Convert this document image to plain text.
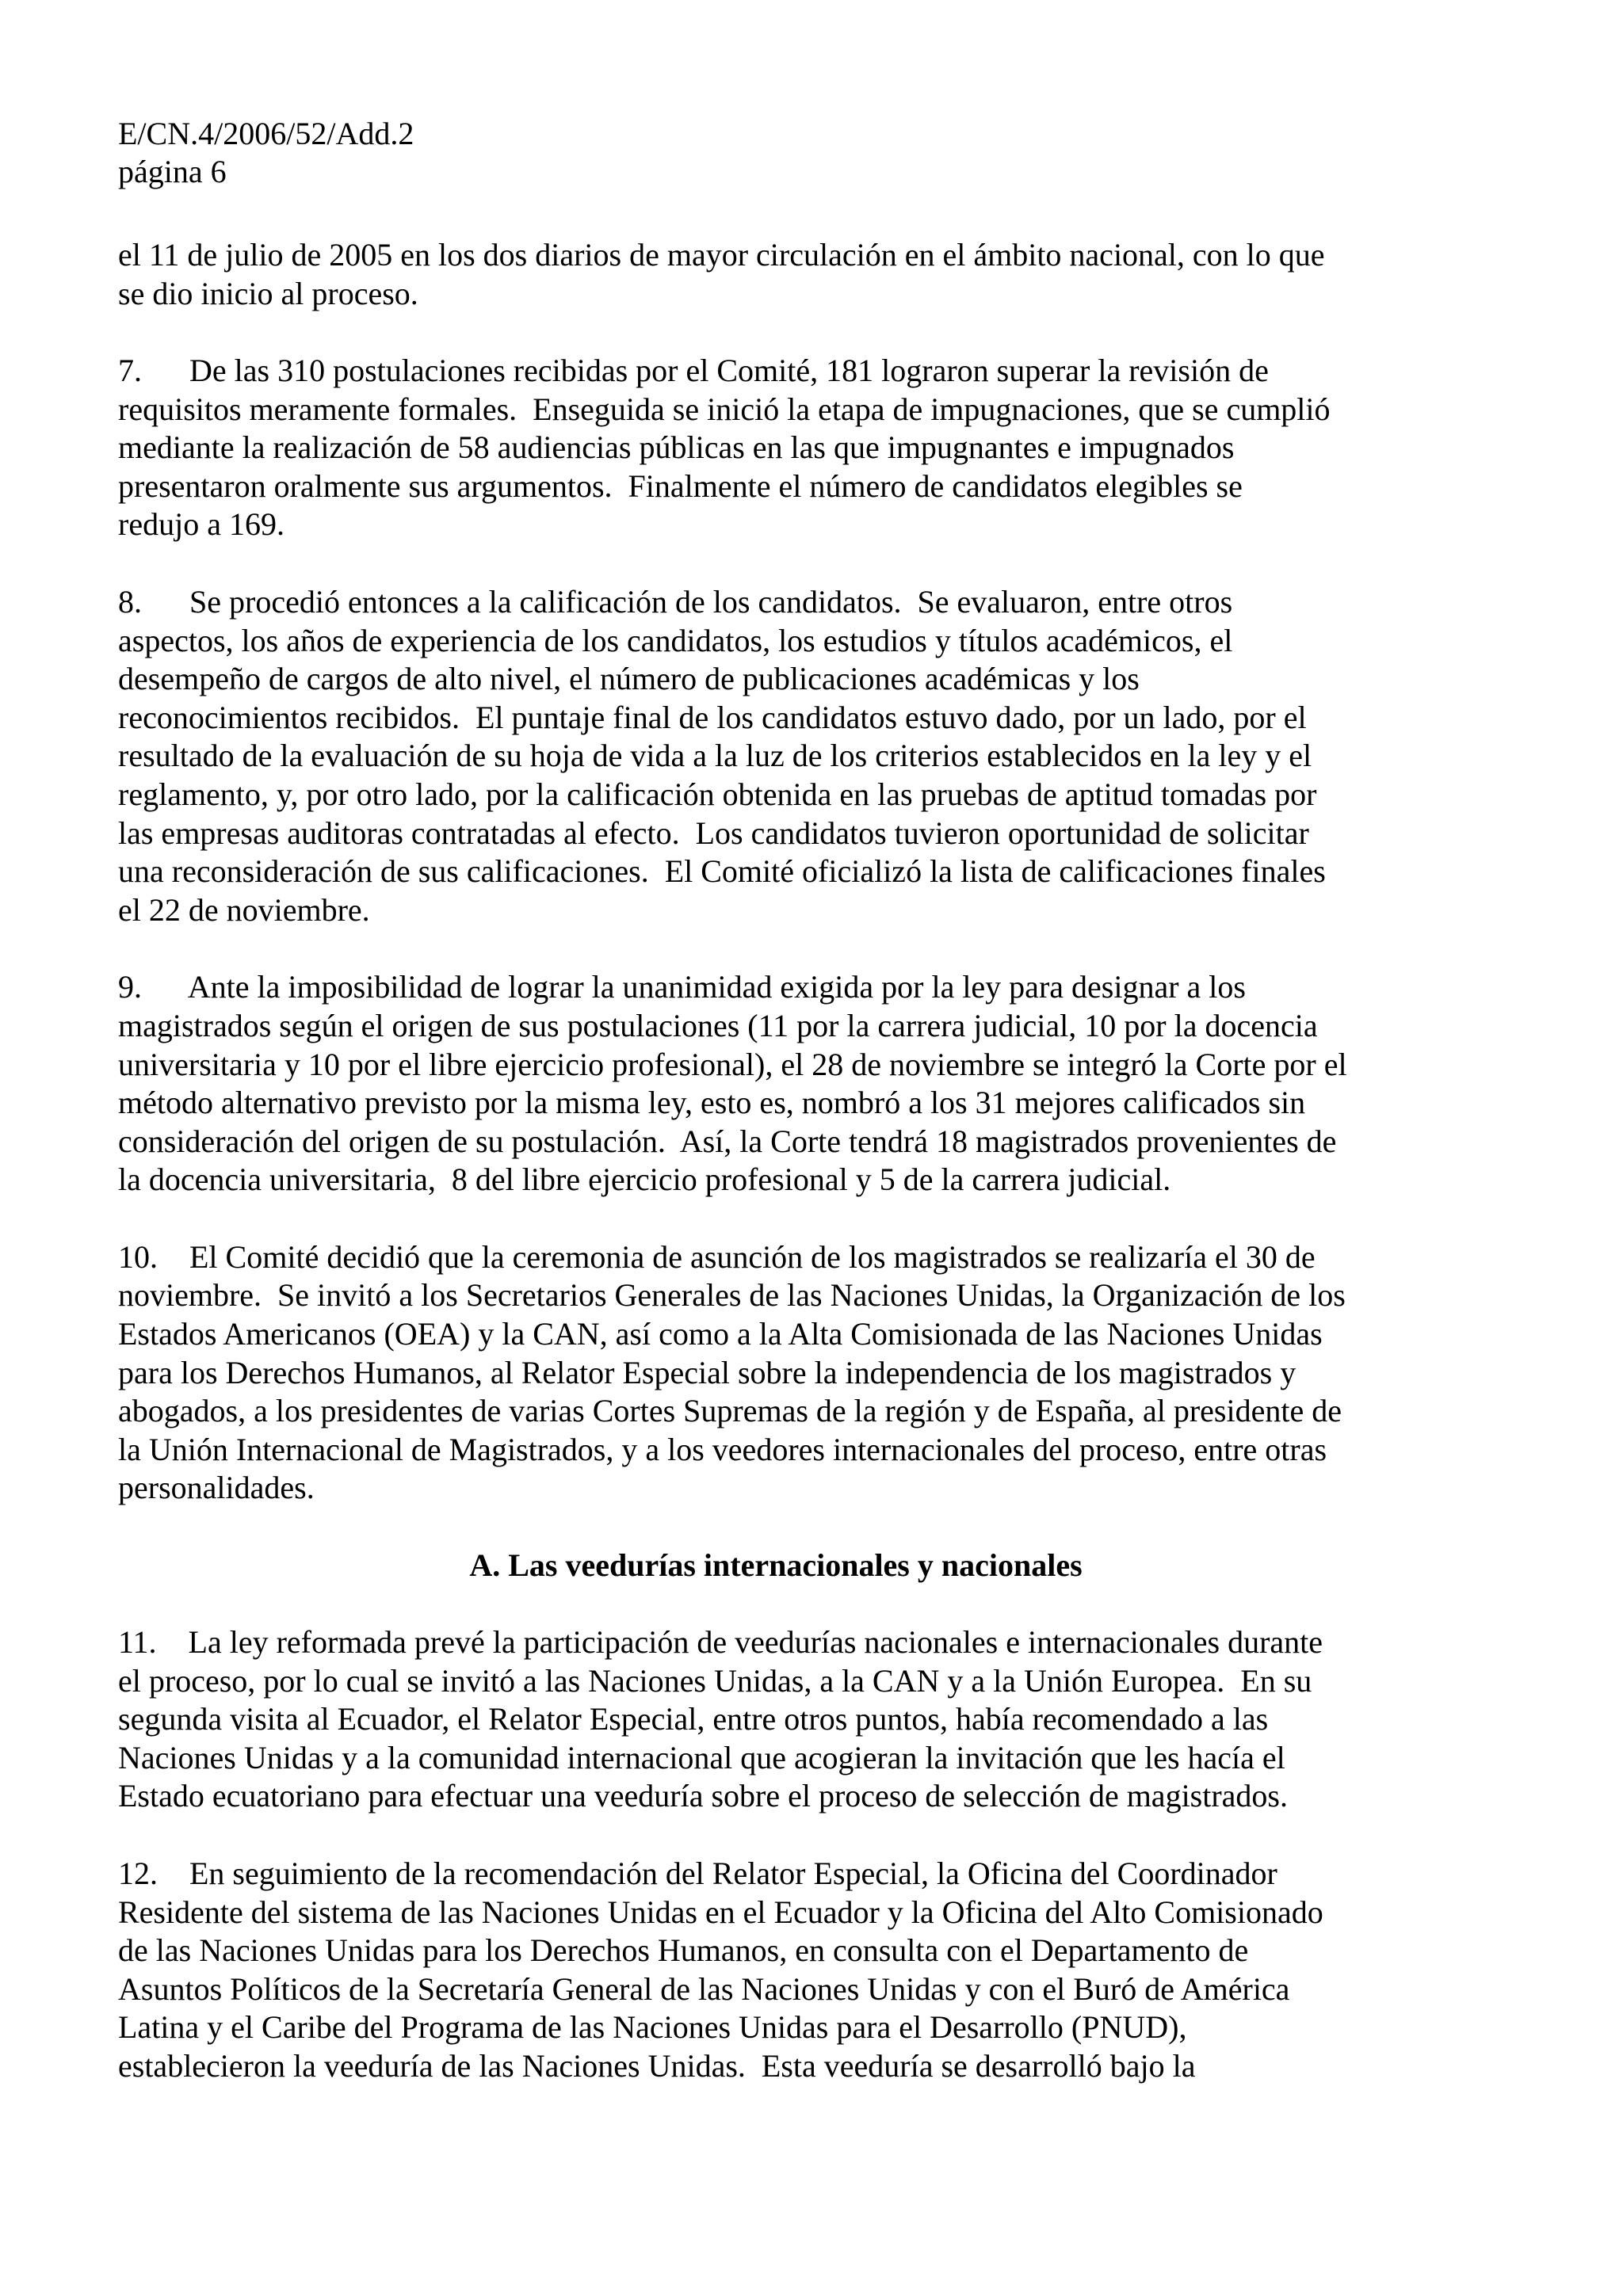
E/CN.4/2006/52/Add.2

página 6

el 11 de julio de 2005 en los dos diarios de mayor circulación en el ámbito nacional, con lo que
se dio inicio al proceso.
7. De las 310 postulaciones recibidas por el Comité, 181 lograron superar la revisión de
requisitos meramente formales.  Enseguida se inició la etapa de impugnaciones, que se cumplió
mediante la realización de 58 audiencias públicas en las que impugnantes e impugnados
presentaron oralmente sus argumentos.  Finalmente el número de candidatos elegibles se
redujo a 169.
8. Se procedió entonces a la calificación de los candidatos.  Se evaluaron, entre otros
aspectos, los años de experiencia de los candidatos, los estudios y títulos académicos, el
desempeño de cargos de alto nivel, el número de publicaciones académicas y los
reconocimientos recibidos.  El puntaje final de los candidatos estuvo dado, por un lado, por el
resultado de la evaluación de su hoja de vida a la luz de los criterios establecidos en la ley y el
reglamento, y, por otro lado, por la calificación obtenida en las pruebas de aptitud tomadas por
las empresas auditoras contratadas al efecto.  Los candidatos tuvieron oportunidad de solicitar
una reconsideración de sus calificaciones.  El Comité oficializó la lista de calificaciones finales
el 22 de noviembre.
9. Ante la imposibilidad de lograr la unanimidad exigida por la ley para designar a los
magistrados según el origen de sus postulaciones (11 por la carrera judicial, 10 por la docencia
universitaria y 10 por el libre ejercicio profesional), el 28 de noviembre se integró la Corte por el
método alternativo previsto por la misma ley, esto es, nombró a los 31 mejores calificados sin
consideración del origen de su postulación.  Así, la Corte tendrá 18 magistrados provenientes de
la docencia universitaria,  8 del libre ejercicio profesional y 5 de la carrera judicial.
10. El Comité decidió que la ceremonia de asunción de los magistrados se realizaría el 30 de
noviembre.  Se invitó a los Secretarios Generales de las Naciones Unidas, la Organización de los
Estados Americanos (OEA) y la CAN, así como a la Alta Comisionada de las Naciones Unidas
para los Derechos Humanos, al Relator Especial sobre la independencia de los magistrados y
abogados, a los presidentes de varias Cortes Supremas de la región y de España, al presidente de
la Unión Internacional de Magistrados, y a los veedores internacionales del proceso, entre otras
personalidades.

A. Las veedurías internacionales y nacionales

11. La ley reformada prevé la participación de veedurías nacionales e internacionales durante
el proceso, por lo cual se invitó a las Naciones Unidas, a la CAN y a la Unión Europea.  En su
segunda visita al Ecuador, el Relator Especial, entre otros puntos, había recomendado a las
Naciones Unidas y a la comunidad internacional que acogieran la invitación que les hacía el
Estado ecuatoriano para efectuar una veeduría sobre el proceso de selección de magistrados.
12. En seguimiento de la recomendación del Relator Especial, la Oficina del Coordinador
Residente del sistema de las Naciones Unidas en el Ecuador y la Oficina del Alto Comisionado
de las Naciones Unidas para los Derechos Humanos, en consulta con el Departamento de
Asuntos Políticos de la Secretaría General de las Naciones Unidas y con el Buró de América
Latina y el Caribe del Programa de las Naciones Unidas para el Desarrollo (PNUD),
establecieron la veeduría de las Naciones Unidas.  Esta veeduría se desarrolló bajo la
